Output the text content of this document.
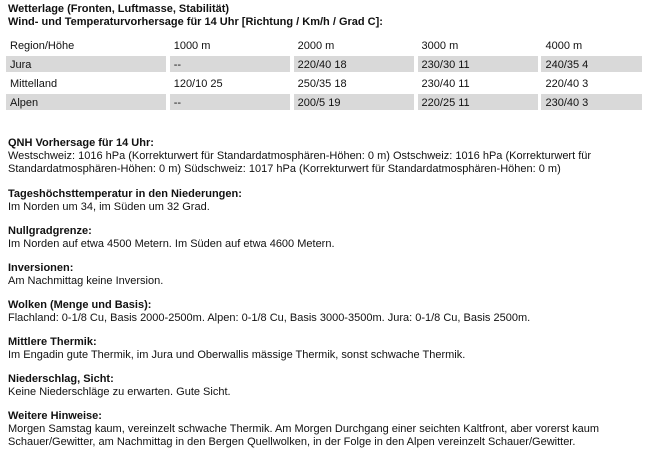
Wetterlage (Fronten, Luftmasse, Stabilität)
Wind- und Temperaturvorhersage für 14 Uhr [Richtung / Km/h / Grad C]:
Region/Höhe		1000 m		2000 m		3000 m		4000 m
Jura		--		220/40 18		230/30 11		240/35 4
Mittelland		120/10 25		250/35 18		230/40 11		220/40 3
Alpen		--		200/5 19		220/25 11		230/40 3
QNH Vorhersage für 14 Uhr:
Westschweiz: 1016 hPa (Korrekturwert für Standardatmosphären-Höhen: 0 m) Ostschweiz: 1016 hPa (Korrekturwert für Standardatmosphären-Höhen: 0 m) Südschweiz: 1017 hPa (Korrekturwert für Standardatmosphären-Höhen: 0 m)
Tageshöchsttemperatur in den Niederungen:
Im Norden um 34, im Süden um 32 Grad.
Nullgradgrenze:
Im Norden auf etwa 4500 Metern. Im Süden auf etwa 4600 Metern.
Inversionen:
Am Nachmittag keine Inversion.
Wolken (Menge und Basis):
Flachland: 0-1/8 Cu, Basis 2000-2500m. Alpen: 0-1/8 Cu, Basis 3000-3500m. Jura: 0-1/8 Cu, Basis 2500m.
Mittlere Thermik:
Im Engadin gute Thermik, im Jura und Oberwallis mässige Thermik, sonst schwache Thermik.
Niederschlag, Sicht:
Keine Niederschläge zu erwarten. Gute Sicht.
Weitere Hinweise:
Morgen Samstag kaum, vereinzelt schwache Thermik. Am Morgen Durchgang einer seichten Kaltfront, aber vorerst kaum Schauer/Gewitter, am Nachmittag in den Bergen Quellwolken, in der Folge in den Alpen vereinzelt Schauer/Gewitter.
